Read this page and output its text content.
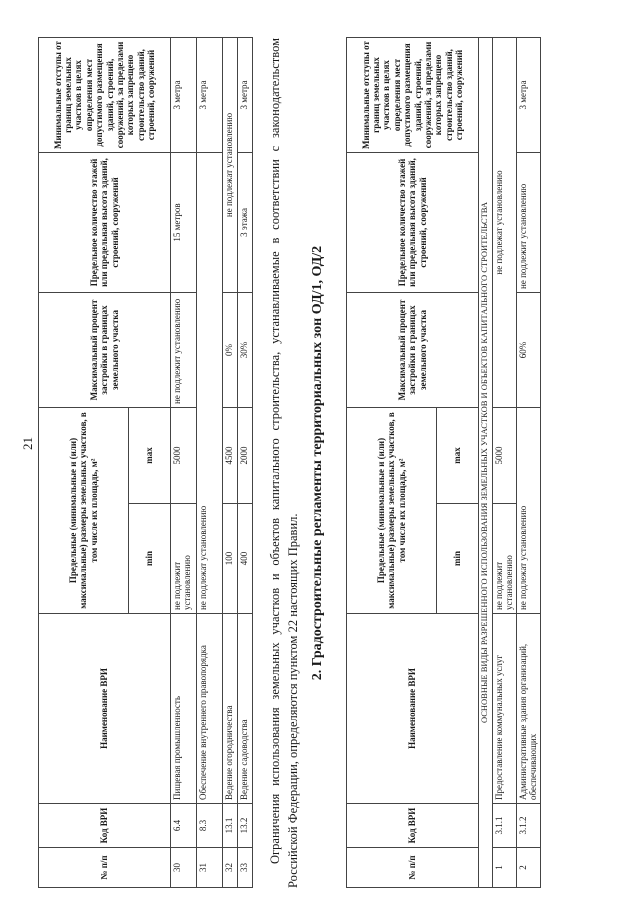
21
№ п/п	Код ВРИ	Наименование ВРИ	Предельные (минимальные и (или) максимальные) размеры земельных участков, в том числе их площадь, м²		Максимальный процент застройки в границах земельного участка	Предельное количество этажей или предельная высота зданий, строений, сооружений	Минимальные отступы от границ земельных участков в целях определения мест допустимого размещения зданий, строений, сооружений, за пределами которых запрещено строительство зданий, строений, сооружений
			min	max			
30	6.4	Пищевая промышленность	не подлежит установлению	5000	не подлежит установлению	15 метров	3 метра
31	8.3	Обеспечение внутреннего правопорядка	не подлежат установлению				3 метра
32	13.1	Ведение огородничества	100	4500	0%	не подлежат установлению	
33	13.2	Ведение садоводства	400	2000	30%	3 этажа	3 метра Ограничения использования земельных участков и объектов капитального строительства, устанавливаемые в соответствии с законодательством Российской Федерации, определяются пунктом 22 настоящих Правил.
2. Градостроительные регламенты территориальных зон ОД/1, ОД/2
№ п/п	Код ВРИ	Наименование ВРИ	Предельные (минимальные и (или) максимальные) размеры земельных участков, в том числе их площадь, м²		Максимальный процент застройки в границах земельного участка	Предельное количество этажей или предельная высота зданий, строений, сооружений	Минимальные отступы от границ земельных участков в целях определения мест допустимого размещения зданий, строений, сооружений, за пределами которых запрещено строительство зданий, строений, сооружений
			min	max			
ОСНОВНЫЕ ВИДЫ РАЗРЕШЕННОГО ИСПОЛЬЗОВАНИЯ ЗЕМЕЛЬНЫХ УЧАСТКОВ И ОБЪЕКТОВ КАПИТАЛЬНОГО СТРОИТЕЛЬСТВА							
1	3.1.1	Предоставление коммунальных услуг	не подлежит установлению	5000	не подлежат установлению		
2	3.1.2	Административные здания организаций, обеспечивающих	не подлежат установлению		60%	не подлежит установлению	3 метра
